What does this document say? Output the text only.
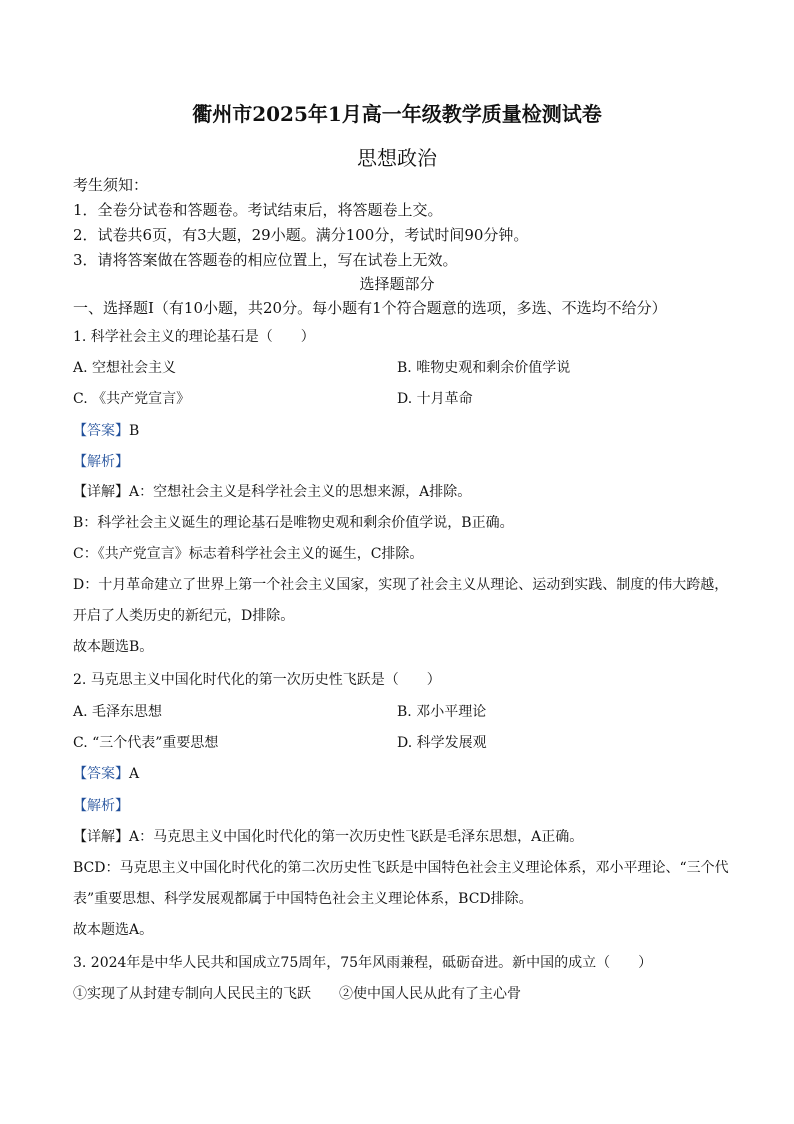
衢州市2025年1月高一年级教学质量检测试卷
思想政治
考生须知：
1．全卷分试卷和答题卷。考试结束后，将答题卷上交。
2．试卷共6页，有3大题，29小题。满分100分，考试时间90分钟。
3．请将答案做在答题卷的相应位置上，写在试卷上无效。
选择题部分
一、选择题Ⅰ（有10小题，共20分。每小题有1个符合题意的选项，多选、不选均不给分）
1. 科学社会主义的理论基石是（　　）
A. 空想社会主义	B. 唯物史观和剩余价值学说
C. 《共产党宣言》	D. 十月革命
【答案】B
【解析】
【详解】A：空想社会主义是科学社会主义的思想来源，A排除。
B：科学社会主义诞生的理论基石是唯物史观和剩余价值学说，B正确。
C：《共产党宣言》标志着科学社会主义的诞生，C排除。
D：十月革命建立了世界上第一个社会主义国家，实现了社会主义从理论、运动到实践、制度的伟大跨越，
开启了人类历史的新纪元，D排除。
故本题选B。
2. 马克思主义中国化时代化的第一次历史性飞跃是（　　）
A. 毛泽东思想	B. 邓小平理论
C. “三个代表”重要思想	D. 科学发展观
【答案】A
【解析】
【详解】A：马克思主义中国化时代化的第一次历史性飞跃是毛泽东思想，A正确。
BCD：马克思主义中国化时代化的第二次历史性飞跃是中国特色社会主义理论体系，邓小平理论、“三个代
表”重要思想、科学发展观都属于中国特色社会主义理论体系，BCD排除。
故本题选A。
3. 2024年是中华人民共和国成立75周年，75年风雨兼程，砥砺奋进。新中国的成立（　　）
①实现了从封建专制向人民民主的飞跃　　②使中国人民从此有了主心骨
